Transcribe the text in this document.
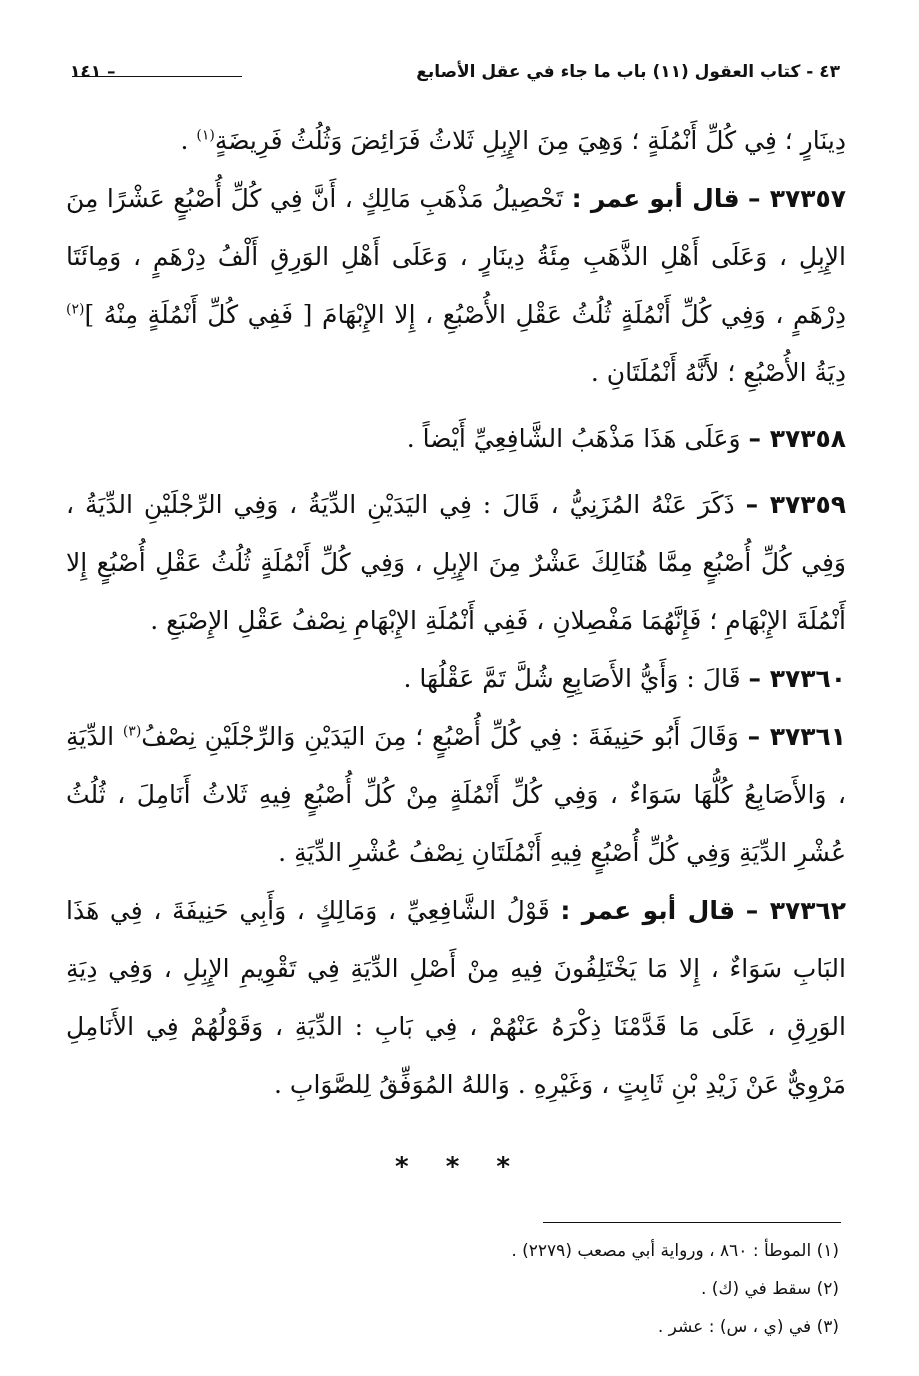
٤٣ - كتاب العقول (١١) باب ما جاء في عقل الأصابع
– ١٤١

دِينَارٍ ؛ فِي كُلِّ أَنْمُلَةٍ ؛ وَهِيَ مِنَ الإِبِلِ ثَلاثُ فَرَائِضَ وَثُلُثُ فَرِيضَةٍ$^{(١)}$ .

٣٧٣٥٧ – قال أبو عمر : تَحْصِيلُ مَذْهَبِ مَالِكٍ ، أَنَّ فِي كُلِّ أُصْبُعٍ عَشْرًا مِنَ الإِبِلِ ، وَعَلَى أَهْلِ الذَّهَبِ مِئَةُ دِينَارٍ ، وَعَلَى أَهْلِ الوَرِقِ أَلْفُ دِرْهَمٍ ، وَمِائَتَا دِرْهَمٍ ، وَفِي كُلِّ أَنْمُلَةٍ ثُلُثُ عَقْلِ الأُصْبُعِ ، إِلا الإِبْهَامَ [ فَفِي كُلِّ أَنْمُلَةٍ مِنْهُ ]$^{(٢)}$ دِيَةُ الأُصْبُعِ ؛ لأَنَّهُ أَنْمُلَتَانِ .

٣٧٣٥٨ – وَعَلَى هَذَا مَذْهَبُ الشَّافِعِيِّ أَيْضاً .

٣٧٣٥٩ – ذَكَرَ عَنْهُ المُزَنِيُّ ، قَالَ : فِي اليَدَيْنِ الدِّيَةُ ، وَفِي الرِّجْلَيْنِ الدِّيَةُ ، وَفِي كُلِّ أُصْبُعٍ مِمَّا هُنَالِكَ عَشْرٌ مِنَ الإِبِلِ ، وَفِي كُلِّ أَنْمُلَةٍ ثُلُثُ عَقْلِ أُصْبُعٍ إِلا أَنْمُلَةَ الإِبْهَامِ ؛ فَإِنَّهُمَا مَفْصِلانِ ، فَفِي أَنْمُلَةِ الإِبْهَامِ نِصْفُ عَقْلِ الإِصْبَعِ .

٣٧٣٦٠ – قَالَ : وَأَيُّ الأَصَابِعِ شُلَّ تَمَّ عَقْلُهَا .

٣٧٣٦١ – وَقَالَ أَبُو حَنِيفَةَ : فِي كُلِّ أُصْبُعٍ ؛ مِنَ اليَدَيْنِ وَالرِّجْلَيْنِ نِصْفُ$^{(٣)}$ الدِّيَةِ ، وَالأَصَابِعُ كُلُّهَا سَوَاءٌ ، وَفِي كُلِّ أَنْمُلَةٍ مِنْ كُلِّ أُصْبُعٍ فِيهِ ثَلاثُ أَنَامِلَ ، ثُلُثُ عُشْرِ الدِّيَةِ وَفِي كُلِّ أُصْبُعٍ فِيهِ أَنْمُلَتَانِ نِصْفُ عُشْرِ الدِّيَةِ .

٣٧٣٦٢ – قال أبو عمر : قَوْلُ الشَّافِعِيِّ ، وَمَالِكٍ ، وَأَبِي حَنِيفَةَ ، فِي هَذَا البَابِ سَوَاءٌ ، إِلا مَا يَخْتَلِفُونَ فِيهِ مِنْ أَصْلِ الدِّيَةِ فِي تَقْوِيمِ الإِبِلِ ، وَفِي دِيَةِ الوَرِقِ ، عَلَى مَا قَدَّمْنَا ذِكْرَهُ عَنْهُمْ ، فِي بَابِ : الدِّيَةِ ، وَقَوْلُهُمْ فِي الأَنَامِلِ مَرْوِيٌّ عَنْ زَيْدِ بْنِ ثَابِتٍ ، وَغَيْرِهِ . وَاللهُ المُوَفِّقُ لِلصَّوَابِ .

* * *

(١) الموطأ : ٨٦٠ ، ورواية أبي مصعب (٢٢٧٩) .

(٢) سقط في (ك) .

(٣) في (ي ، س) : عشر .
